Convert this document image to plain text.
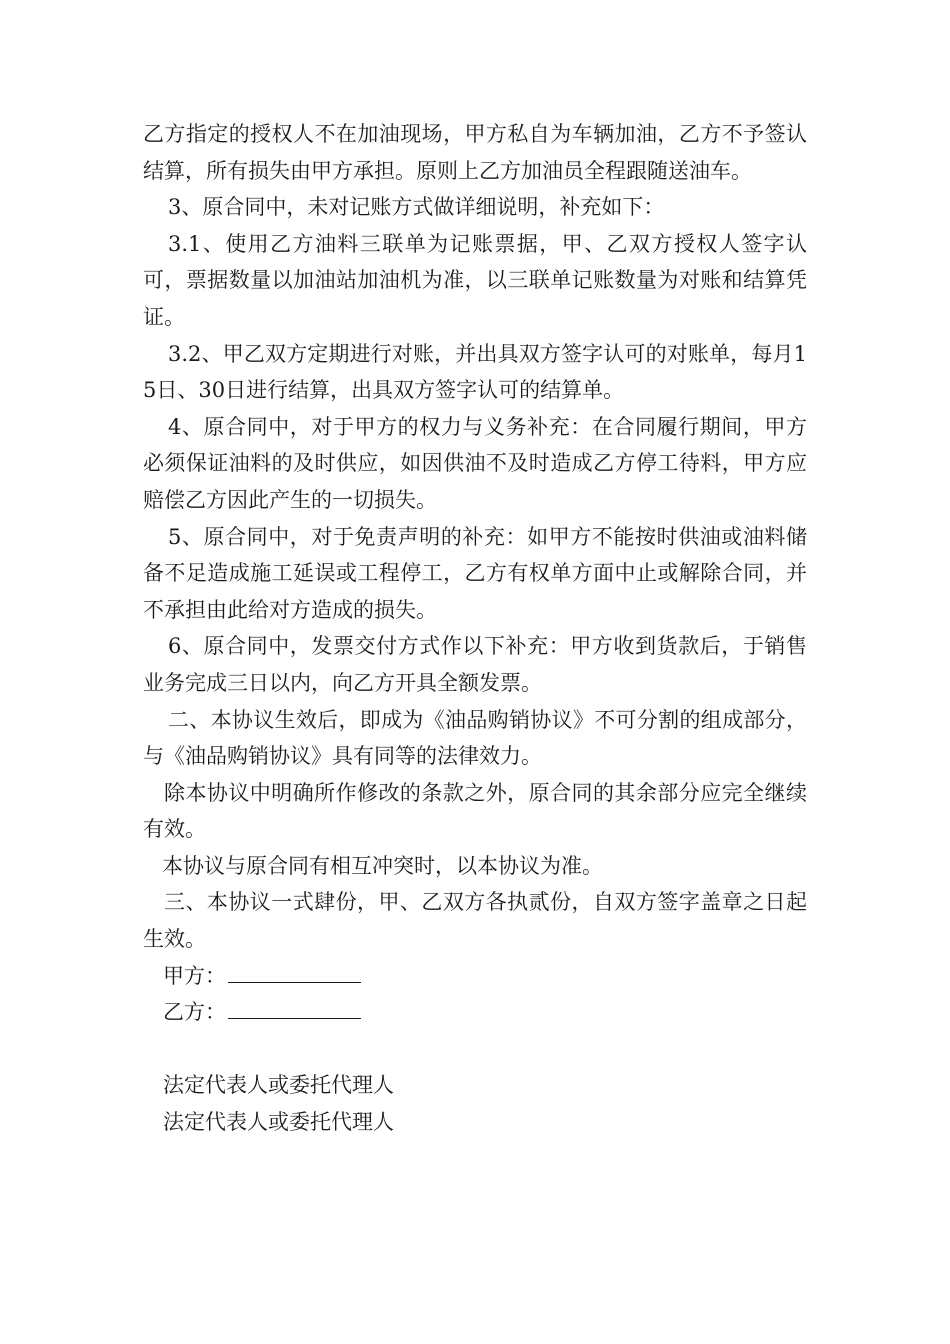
乙方指定的授权人不在加油现场，甲方私自为车辆加油，乙方不予签认结算，所有损失由甲方承担。原则上乙方加油员全程跟随送油车。

3、原合同中，未对记账方式做详细说明，补充如下：

3.1、使用乙方油料三联单为记账票据，甲、乙双方授权人签字认可，票据数量以加油站加油机为准，以三联单记账数量为对账和结算凭证。

3.2、甲乙双方定期进行对账，并出具双方签字认可的对账单，每月15日、30日进行结算，出具双方签字认可的结算单。

4、原合同中，对于甲方的权力与义务补充：在合同履行期间，甲方必须保证油料的及时供应，如因供油不及时造成乙方停工待料，甲方应赔偿乙方因此产生的一切损失。

5、原合同中，对于免责声明的补充：如甲方不能按时供油或油料储备不足造成施工延误或工程停工，乙方有权单方面中止或解除合同，并不承担由此给对方造成的损失。

6、原合同中，发票交付方式作以下补充：甲方收到货款后，于销售业务完成三日以内，向乙方开具全额发票。

二、本协议生效后，即成为《油品购销协议》不可分割的组成部分，与《油品购销协议》具有同等的法律效力。

除本协议中明确所作修改的条款之外，原合同的其余部分应完全继续有效。

本协议与原合同有相互冲突时，以本协议为准。

三、本协议一式肆份，甲、乙双方各执贰份，自双方签字盖章之日起生效。

甲方：
乙方：
法定代表人或委托代理人
法定代表人或委托代理人
